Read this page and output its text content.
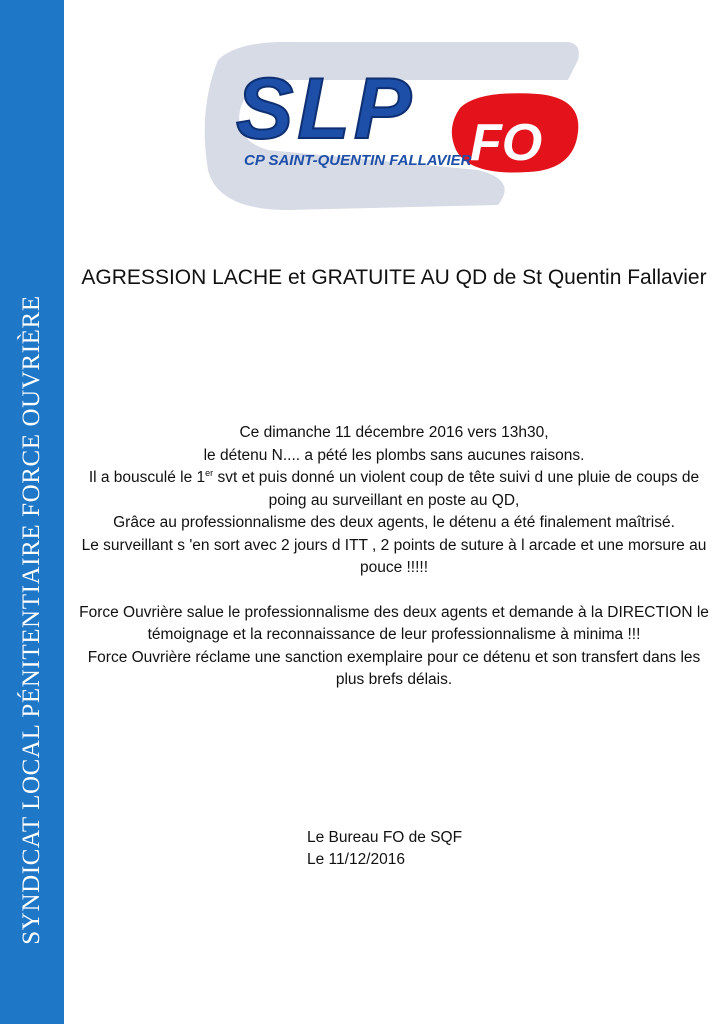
SYNDICAT LOCAL PÉNITENTIAIRE FORCE OUVRIÈRE
SLP FO
CP SAINT-QUENTIN FALLAVIER
AGRESSION LACHE et GRATUITE AU QD de St Quentin Fallavier

Ce dimanche 11 décembre 2016 vers 13h30,

le détenu N.... a pété les plombs sans aucunes raisons.

Il a bousculé le 1er svt et puis donné un violent coup de tête suivi d une pluie de coups de poing au surveillant en poste au QD,

Grâce au professionnalisme des deux agents, le détenu a été finalement maîtrisé.

Le surveillant s 'en sort avec 2 jours d ITT , 2 points de suture à l arcade et une morsure au pouce !!!!!

Force Ouvrière salue le professionnalisme des deux agents et demande à la DIRECTION le témoignage et la reconnaissance de leur professionnalisme à minima !!!

Force Ouvrière réclame une sanction exemplaire pour ce détenu et son transfert dans les plus brefs délais.

Le Bureau FO de SQF

Le 11/12/2016
